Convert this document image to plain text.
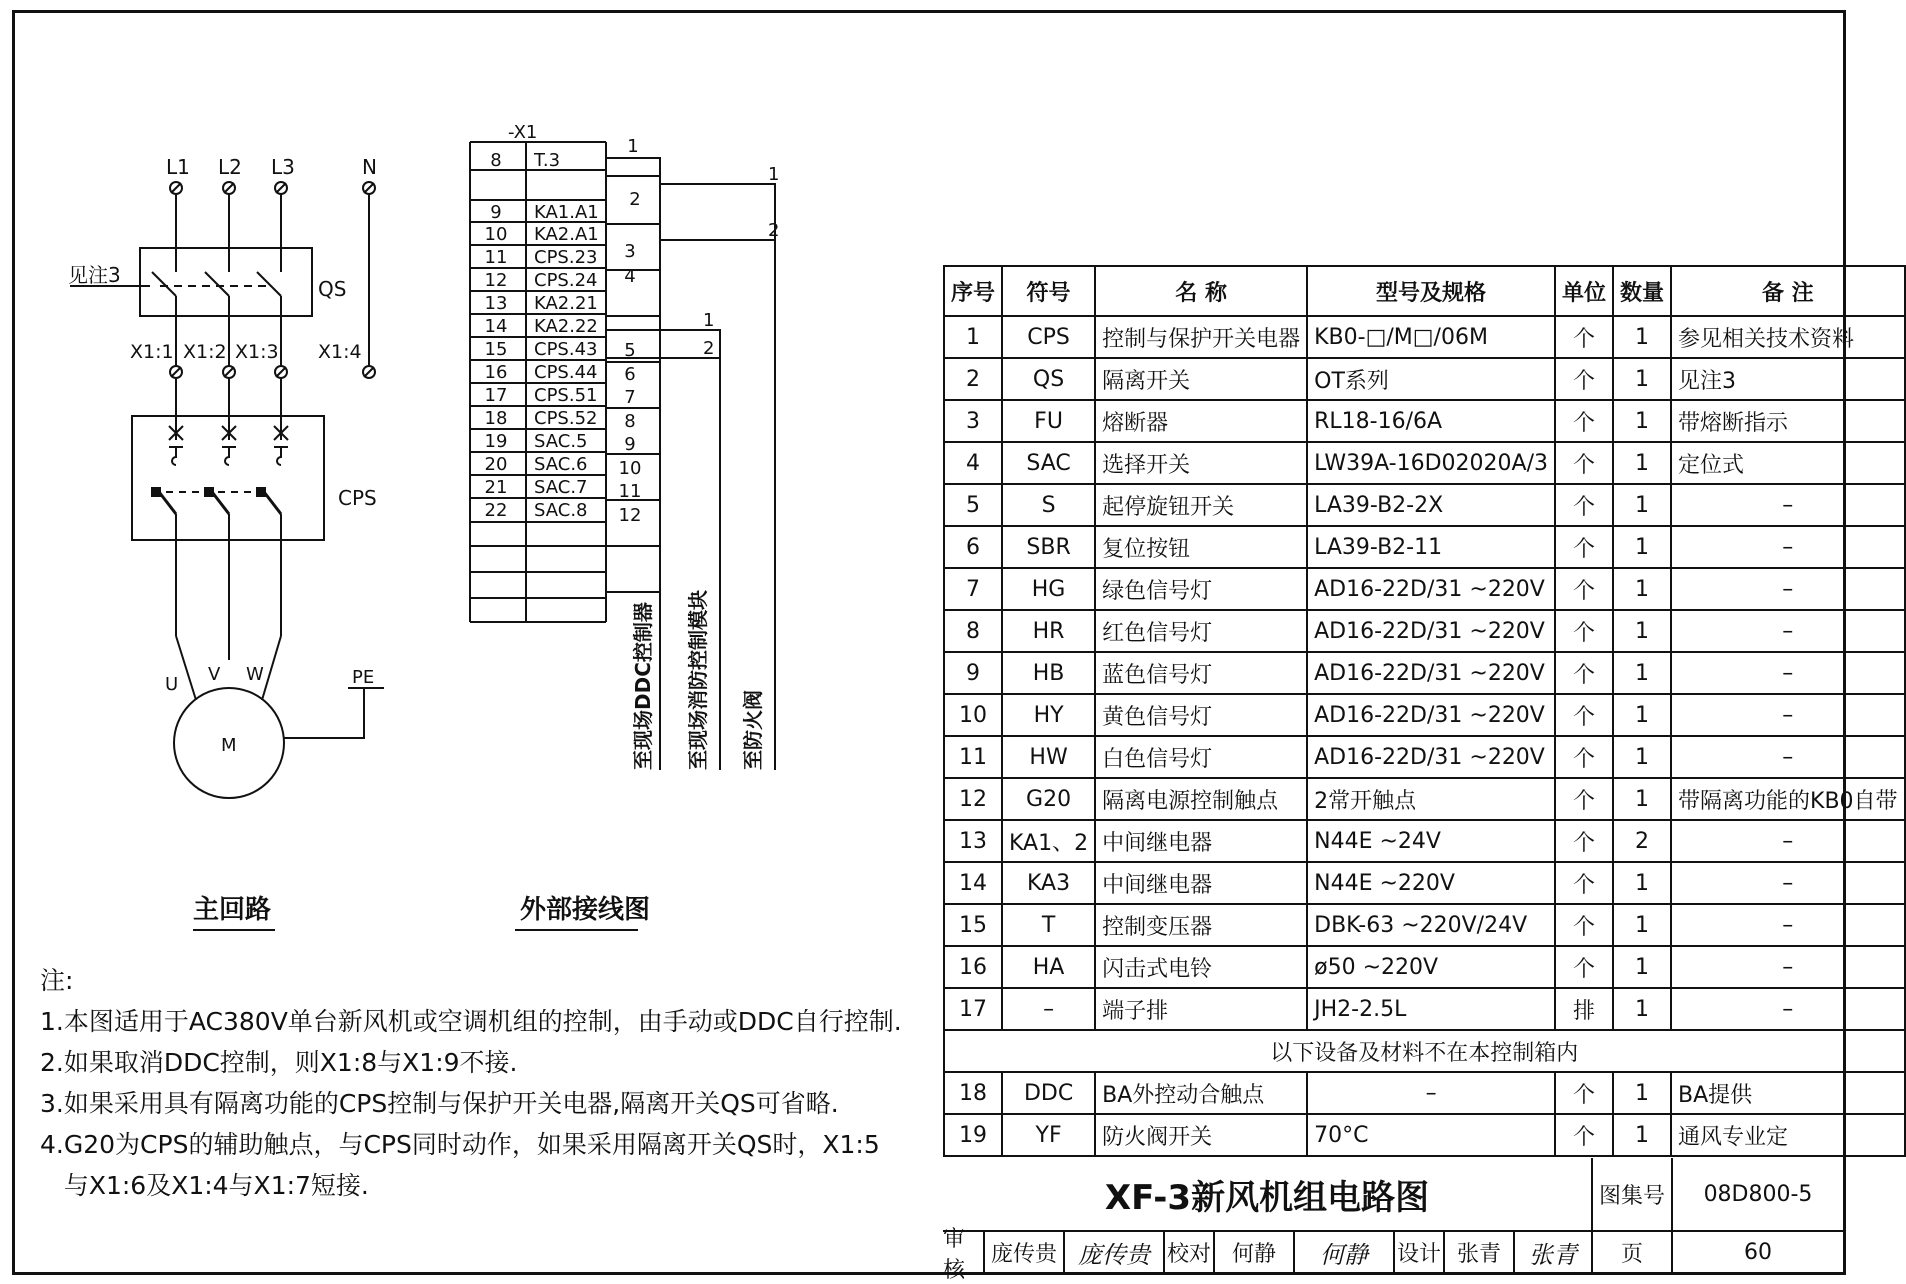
L1 L2 L3	N
见注3
QS
X1:1 X1:2 X1:3 X1:4
CPS
U V W
M
PE
-X1
8 T.3
9 KA1.A1
10 KA2.A1
11 CPS.23
12 CPS.24
13 KA2.21
14 KA2.22
15 CPS.43
16 CPS.44
17 CPS.51
18 CPS.52
19 SAC.5
20 SAC.6
21 SAC.7
22 SAC.8
1
2
3
4
5
6
7
8
9
10
11
12
1
2
1
2
至现场DDC控制器 至现场消防控制模块 至防火阀
主回路	外部接线图
注:
1.本图适用于AC380V单台新风机或空调机组的控制，由手动或DDC自行控制.
2.如果取消DDC控制，则X1:8与X1:9不接.
3.如果采用具有隔离功能的CPS控制与保护开关电器,隔离开关QS可省略.
4.G20为CPS的辅助触点，与CPS同时动作，如果采用隔离开关QS时，X1:5
与X1:6及X1:4与X1:7短接.
序号	符号	名 称	型号及规格	单位	数量	备 注
1	CPS	控制与保护开关电器	KB0-□/M□/06M	个	1	参见相关技术资料
2	QS	隔离开关	OT系列	个	1	见注3
3	FU	熔断器	RL18-16/6A	个	1	带熔断指示
4	SAC	选择开关	LW39A-16D02020A/3	个	1	定位式
5	S	起停旋钮开关	LA39-B2-2X	个	1	–
6	SBR	复位按钮	LA39-B2-11	个	1	–
7	HG	绿色信号灯	AD16-22D/31 ~220V	个	1	–
8	HR	红色信号灯	AD16-22D/31 ~220V	个	1	–
9	HB	蓝色信号灯	AD16-22D/31 ~220V	个	1	–
10	HY	黄色信号灯	AD16-22D/31 ~220V	个	1	–
11	HW	白色信号灯	AD16-22D/31 ~220V	个	1	–
12	G20	隔离电源控制触点	2常开触点	个	1	带隔离功能的KB0自带
13	KA1、2	中间继电器	N44E ~24V	个	2	–
14	KA3	中间继电器	N44E ~220V	个	1	–
15	T	控制变压器	DBK-63 ~220V/24V	个	1	–
16	HA	闪击式电铃	ø50 ~220V	个	1	–
17	–	端子排	JH2-2.5L	排	1	–
以下设备及材料不在本控制箱内						
18	DDC	BA外控动合触点	–	个	1	BA提供
19	YF	防火阀开关	70°C	个	1	通风专业定
XF-3新风机组电路图	图集号	08D800-5
审核
庞传贵 庞传贵 校对 何静	何静	设计 张青	张青	页	60
